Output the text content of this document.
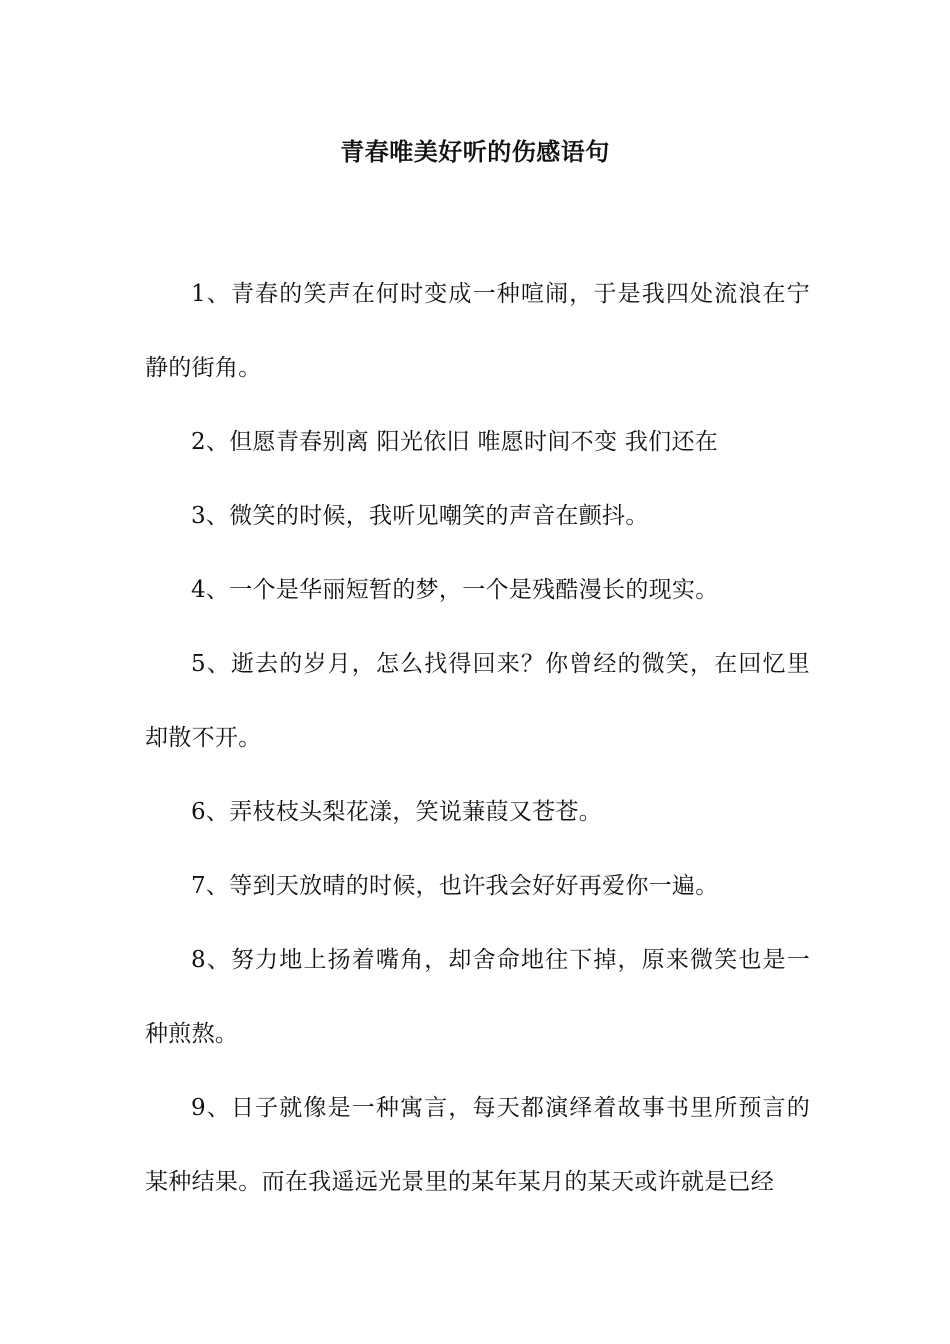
青春唯美好听的伤感语句

1、青春的笑声在何时变成一种喧闹，于是我四处流浪在宁静的街角。

2、但愿青春别离 阳光依旧 唯愿时间不变 我们还在

3、微笑的时候，我听见嘲笑的声音在颤抖。

4、一个是华丽短暂的梦，一个是残酷漫长的现实。

5、逝去的岁月，怎么找得回来？你曾经的微笑，在回忆里却散不开。

6、弄枝枝头梨花漾，笑说蒹葭又苍苍。

7、等到天放晴的时候，也许我会好好再爱你一遍。

8、努力地上扬着嘴角，却舍命地往下掉，原来微笑也是一种煎熬。

9、日子就像是一种寓言，每天都演绎着故事书里所预言的某种结果。而在我遥远光景里的某年某月的某天或许就是已经
